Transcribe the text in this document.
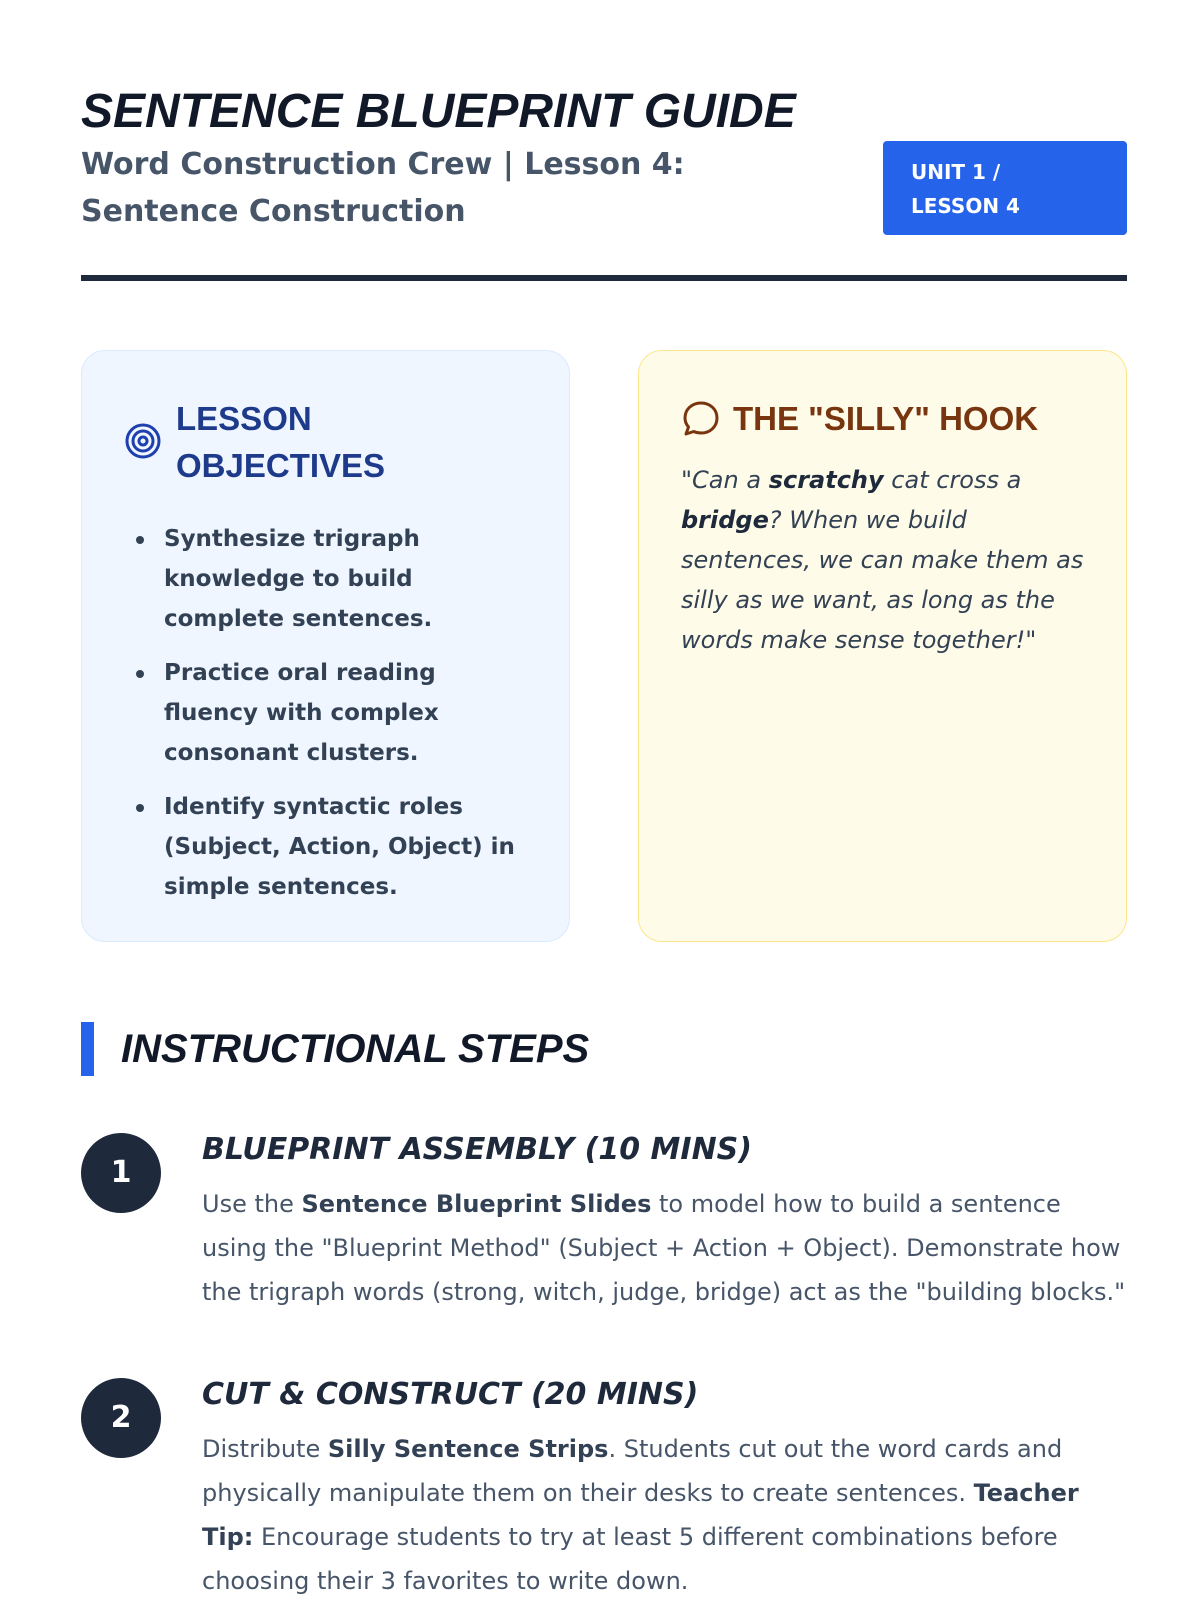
SENTENCE BLUEPRINT GUIDE
Word Construction Crew | Lesson 4: Sentence Construction
UNIT 1 /
LESSON 4
LESSON
OBJECTIVES
Synthesize trigraph knowledge to build complete sentences.
Practice oral reading fluency with complex consonant clusters.
Identify syntactic roles (Subject, Action, Object) in simple sentences.
THE "SILLY" HOOK

"Can a scratchy cat cross a bridge? When we build sentences, we can make them as silly as we want, as long as the words make sense together!"

INSTRUCTIONAL STEPS
1
BLUEPRINT ASSEMBLY (10 MINS)

Use the Sentence Blueprint Slides to model how to build a sentence using the "Blueprint Method" (Subject + Action + Object). Demonstrate how the trigraph words (strong, witch, judge, bridge) act as the "building blocks."

2
CUT & CONSTRUCT (20 MINS)

Distribute Silly Sentence Strips. Students cut out the word cards and physically manipulate them on their desks to create sentences. Teacher Tip: Encourage students to try at least 5 different combinations before choosing their 3 favorites to write down.
